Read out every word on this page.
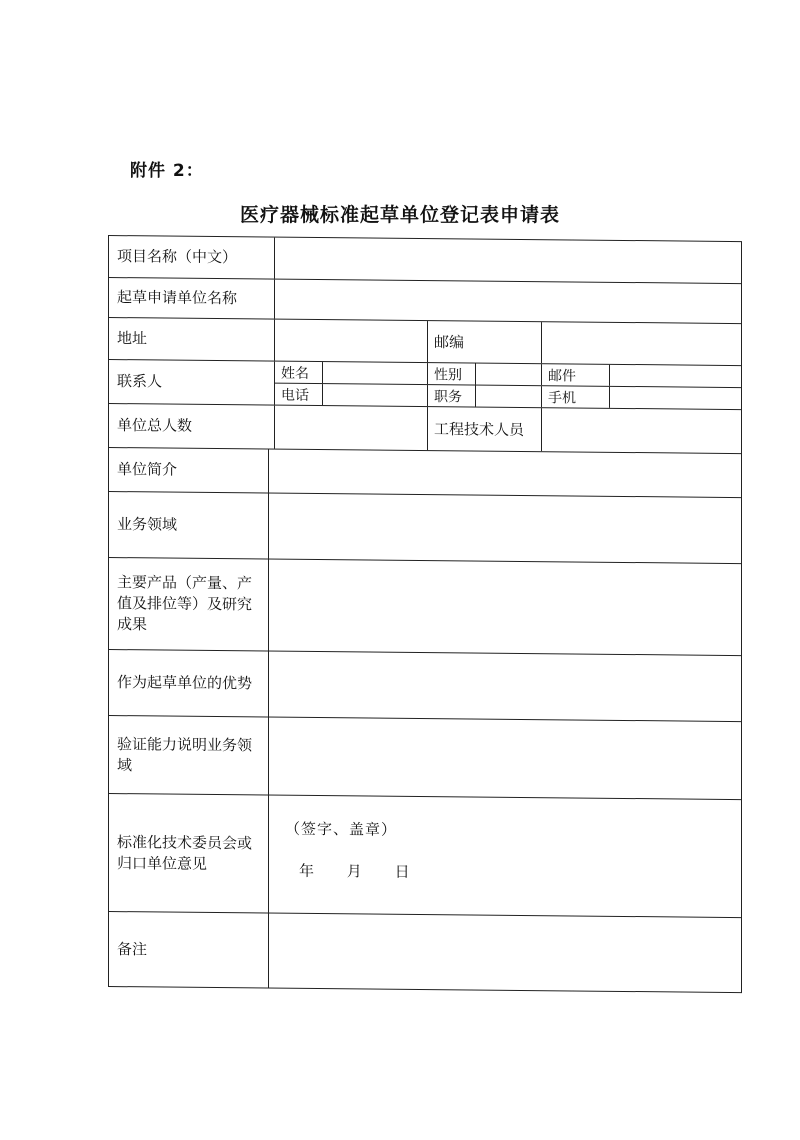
附件 2：
医疗器械标准起草单位登记表申请表
项目名称（中文）
起草申请单位名称
地址	邮编
联系人	姓名	性别	邮件
电话	职务	手机
单位总人数	工程技术人员
单位简介
业务领域
主要产品（产量、产值及排位等）及研究成果
作为起草单位的优势
验证能力说明业务领域
标准化技术委员会或归口单位意见
（签字、盖章）
年 月 日
备注
